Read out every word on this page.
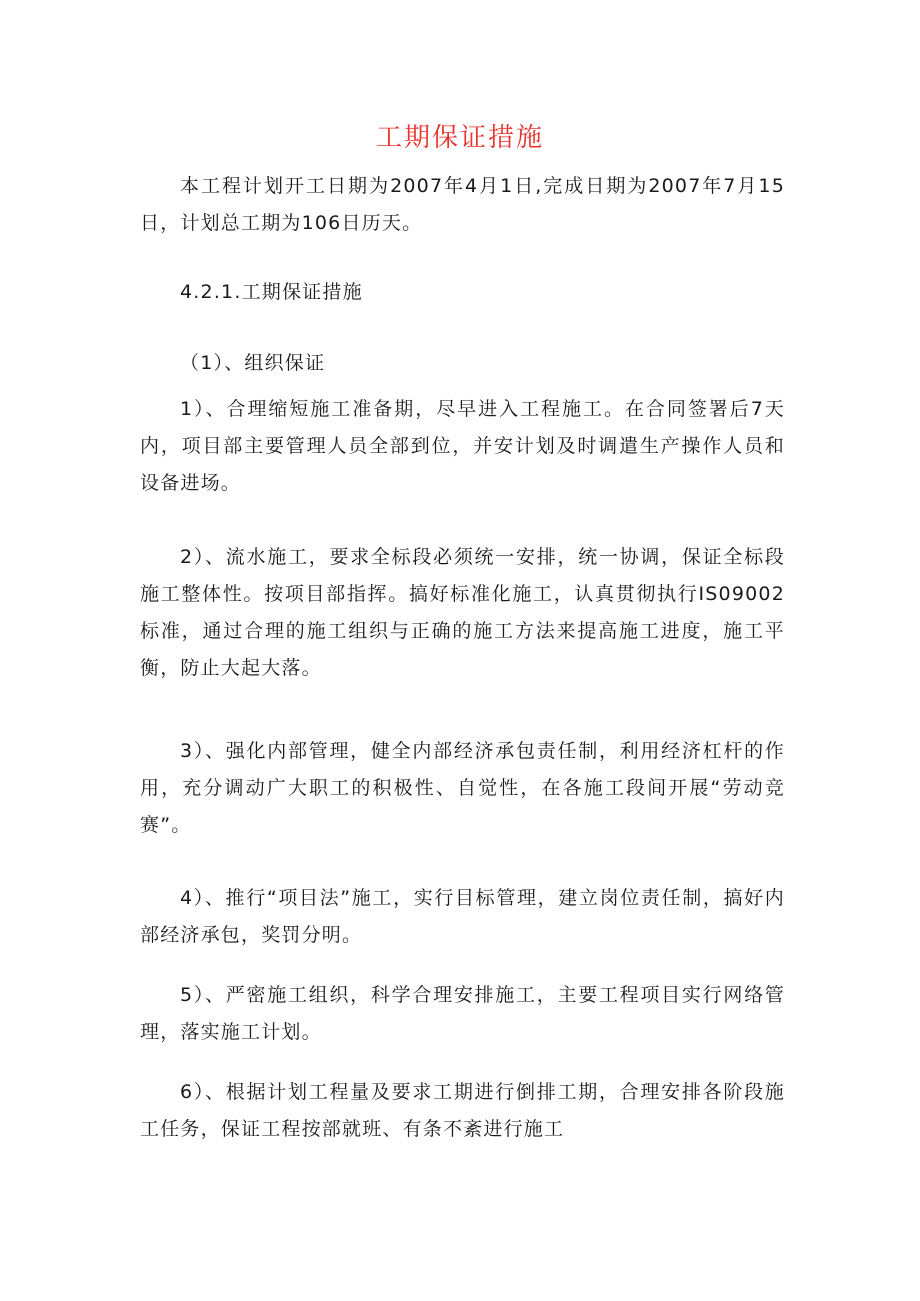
工期保证措施

本工程计划开工日期为2007年4月1日,完成日期为2007年7月15日，计划总工期为106日历天。

4.2.1.工期保证措施

（1）、组织保证

1）、合理缩短施工准备期，尽早进入工程施工。在合同签署后7天内，项目部主要管理人员全部到位，并安计划及时调遣生产操作人员和设备进场。

2）、流水施工，要求全标段必须统一安排，统一协调，保证全标段施工整体性。按项目部指挥。搞好标准化施工，认真贯彻执行IS09002标准，通过合理的施工组织与正确的施工方法来提高施工进度，施工平衡，防止大起大落。

3）、强化内部管理，健全内部经济承包责任制，利用经济杠杆的作用，充分调动广大职工的积极性、自觉性，在各施工段间开展“劳动竞赛”。

4）、推行“项目法”施工，实行目标管理，建立岗位责任制，搞好内部经济承包，奖罚分明。

5）、严密施工组织，科学合理安排施工，主要工程项目实行网络管理，落实施工计划。

6）、根据计划工程量及要求工期进行倒排工期，合理安排各阶段施工任务，保证工程按部就班、有条不紊进行施工
